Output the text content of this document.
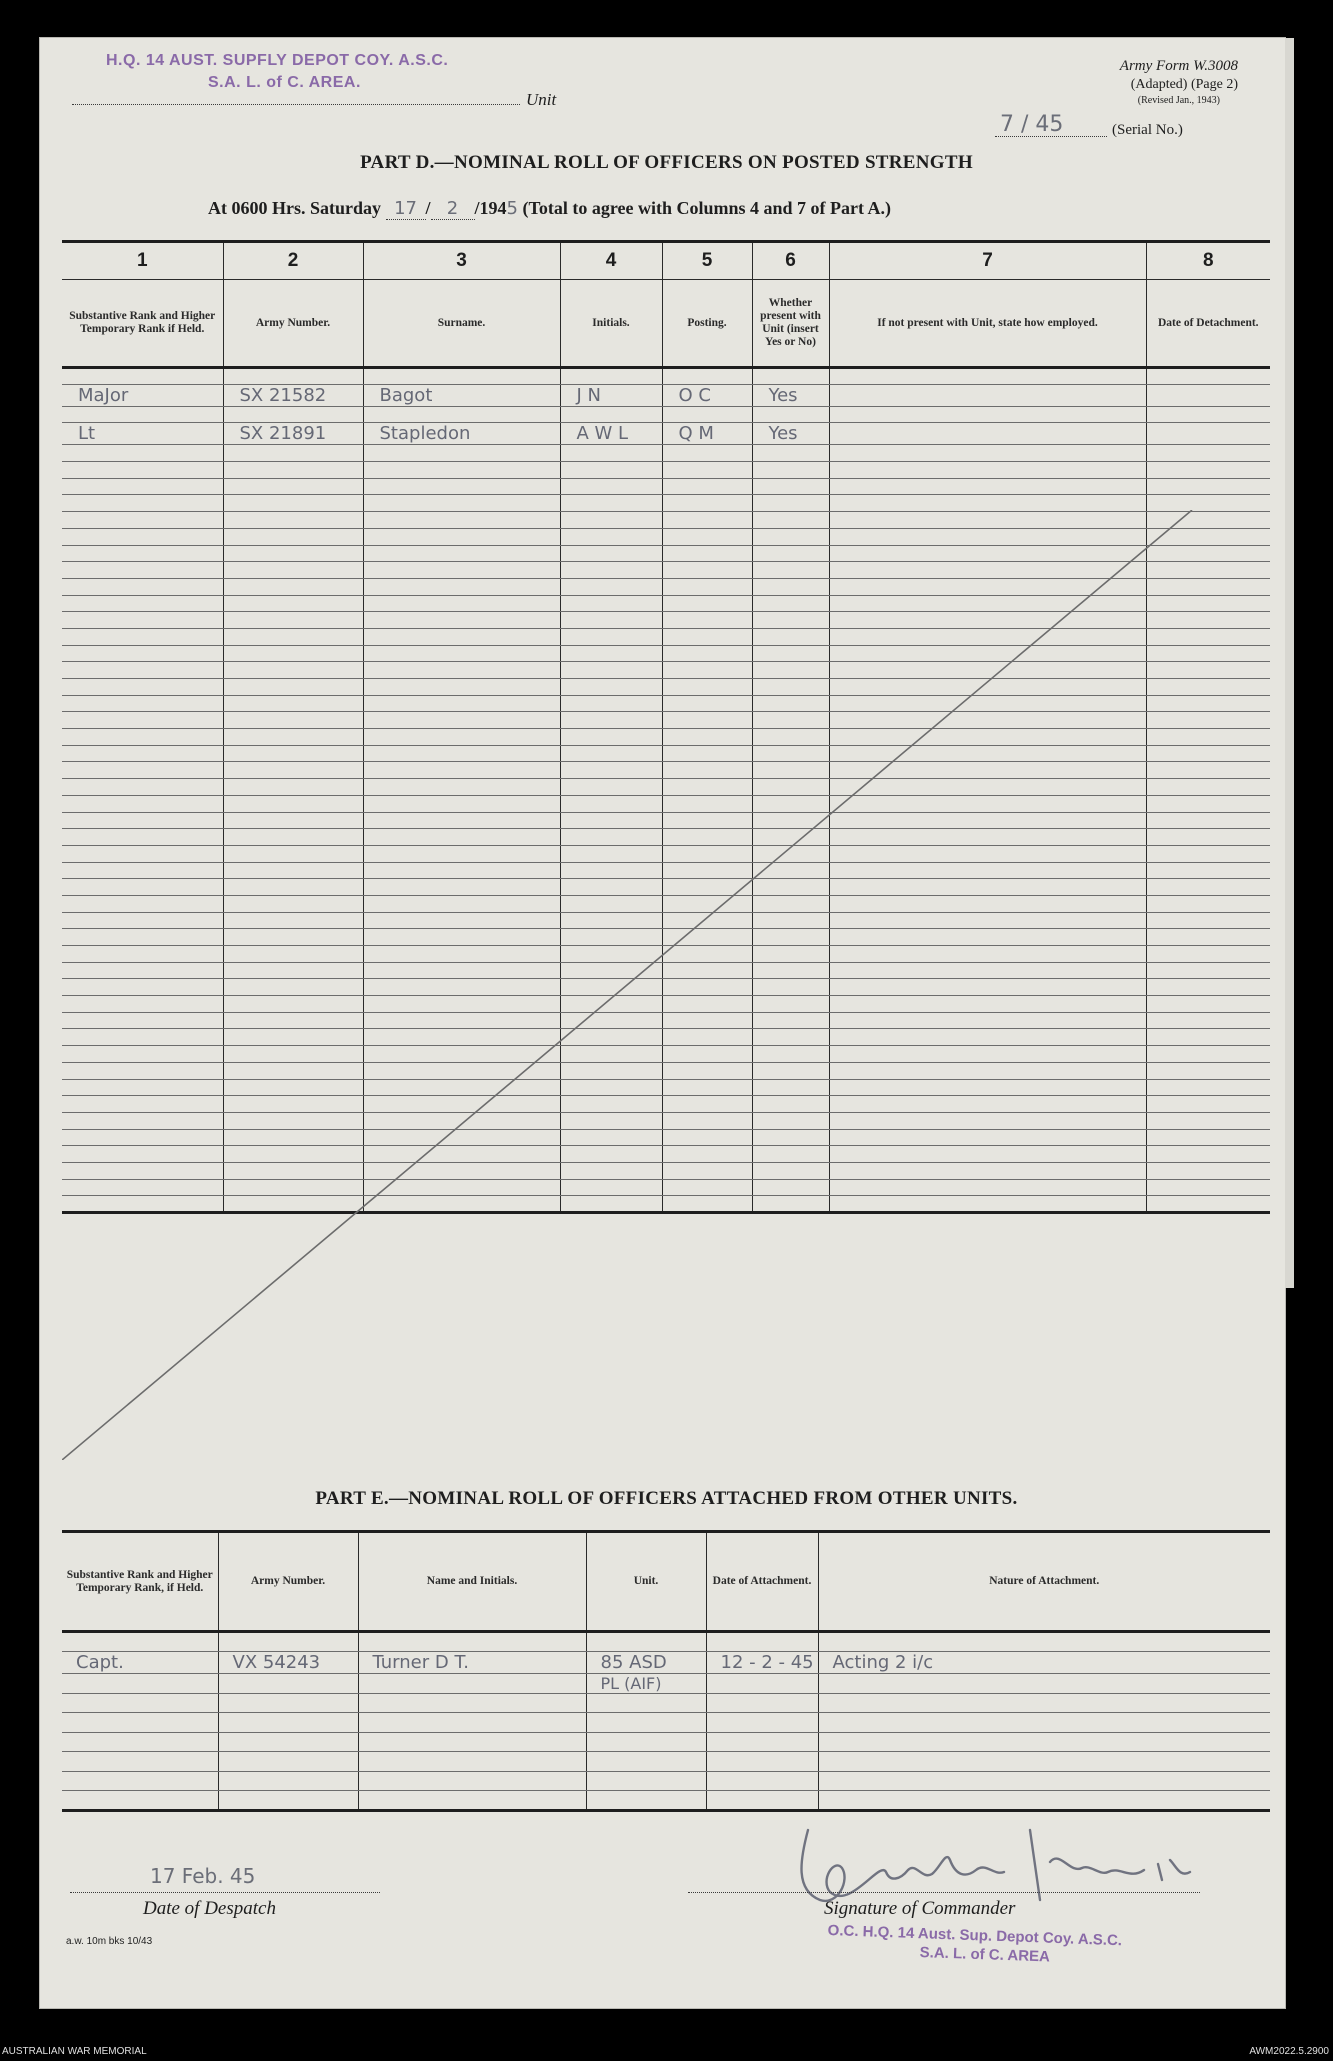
H.Q. 14 AUST. SUPFLY DEPOT COY. A.S.C.
S.A. L. of C. AREA.
Unit
Army Form W.3008
(Adapted) (Page 2)
(Revised Jan., 1943)
7 / 45	(Serial No.)
PART D.—NOMINAL ROLL OF OFFICERS ON POSTED STRENGTH
At 0600 Hrs. Saturday 17 / 2 /1945 (Total to agree with Columns 4 and 7 of Part A.)
1	2	3	4	5	6	7	8
Substantive Rank and Higher Temporary Rank if Held.	Army Number.	Surname.	Initials.	Posting.	Whether present with Unit (insert Yes or No)	If not present with Unit, state how employed.	Date of Detachment.

MaJor	SX 21582	Bagot	J N	O C	Yes		

Lt	SX 21891	Stapledon	A W L	Q M	Yes		

PART E.—NOMINAL ROLL OF OFFICERS ATTACHED FROM OTHER UNITS.
Substantive Rank and Higher Temporary Rank, if Held.	Army Number.	Name and Initials.	Unit.	Date of Attachment.	Nature of Attachment.

Capt.	VX 54243	Turner D T.	85 ASD	12 - 2 - 45	Acting 2 i/c
			PL (AIF)		

17 Feb. 45
Date of Despatch	Signature of Commander
O.C. H.Q. 14 Aust. Sup. Depot Coy. A.S.C.
S.A. L. of C. AREA
a.w. 10m bks 10/43
AUSTRALIAN WAR MEMORIAL	AWM2022.5.2900
